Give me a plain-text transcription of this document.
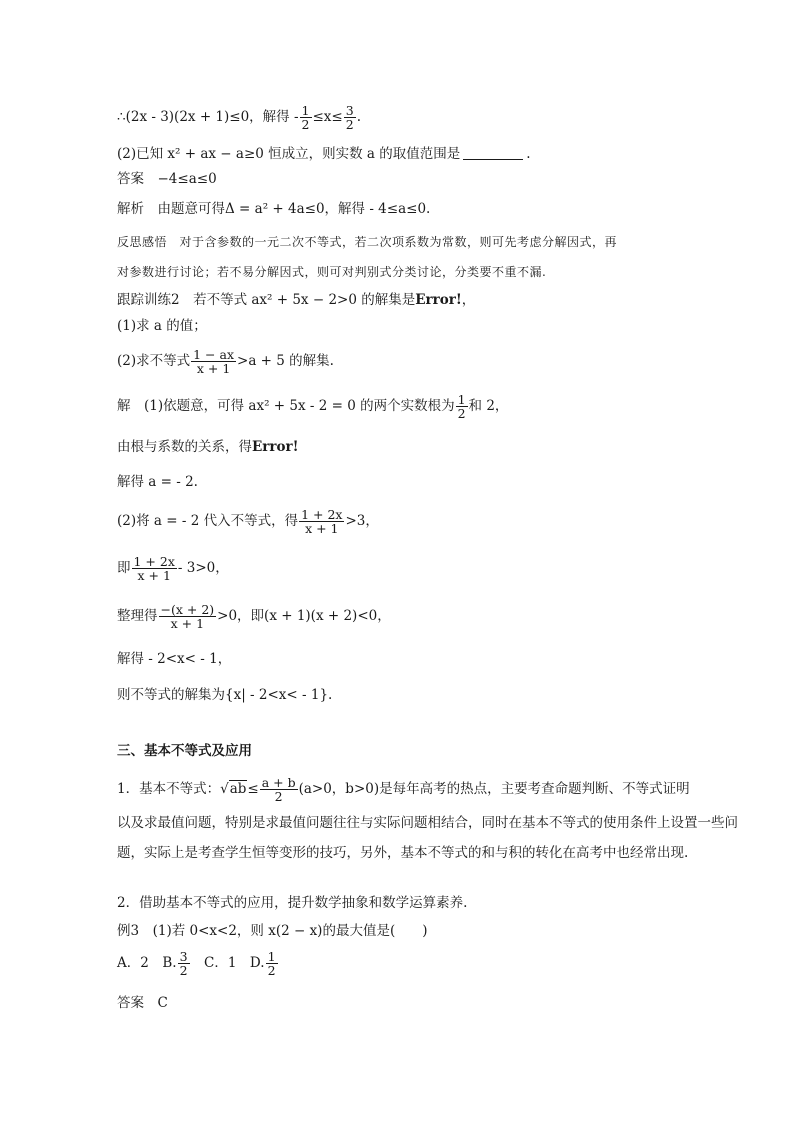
∴(2x - 3)(2x + 1)≤0，解得 - $\frac{1}{2} \le x\le \frac{3}{2}$ .
(2)已知 x² + ax − a≥0 恒成立，则实数 a 的取值范围是	.
答案　−4≤a≤0
解析　由题意可得Δ = a² + 4a≤0，解得 - 4≤a≤0.
反思感悟　对于含参数的一元二次不等式，若二次项系数为常数，则可先考虑分解因式，再
对参数进行讨论；若不易分解因式，则可对判别式分类讨论，分类要不重不漏.
跟踪训练2　若不等式 ax² + 5x − 2>0 的解集是Error!，
(1)求 a 的值；
(2)求不等式 $\frac{1 - ax}{x + 1} >a + 5$ 的解集.
解　(1)依题意，可得 ax² + 5x - 2 = 0 的两个实数根为 $\frac{1}{2}$ 和 2，
由根与系数的关系，得Error!
解得 a = - 2.
(2)将 a = - 2 代入不等式，得 $\frac{1 + 2x}{x + 1} >3$，
即 $\frac{1 + 2x}{x + 1} - 3>0$，
整理得 $\frac{-(x + 2)}{x + 1} >0$，即(x + 1)(x + 2)<0，
解得 - 2<x< - 1，
则不等式的解集为{x| - 2<x< - 1}.
三、基本不等式及应用
1．基本不等式：$√ab\le \frac{a + b}{2} (a>0$，b>0)是每年高考的热点，主要考查命题判断、不等式证明
以及求最值问题，特别是求最值问题往往与实际问题相结合，同时在基本不等式的使用条件上设置一些问题，实际上是考查学生恒等变形的技巧，另外，基本不等式的和与积的转化在高考中也经常出现.
2．借助基本不等式的应用，提升数学抽象和数学运算素养.
例3　(1)若 0<x<2，则 x(2 − x)的最大值是(　　)
A．2　B. $\frac{3}{2}$ 　C．1　D. $\frac{1}{2}$
答案　C
